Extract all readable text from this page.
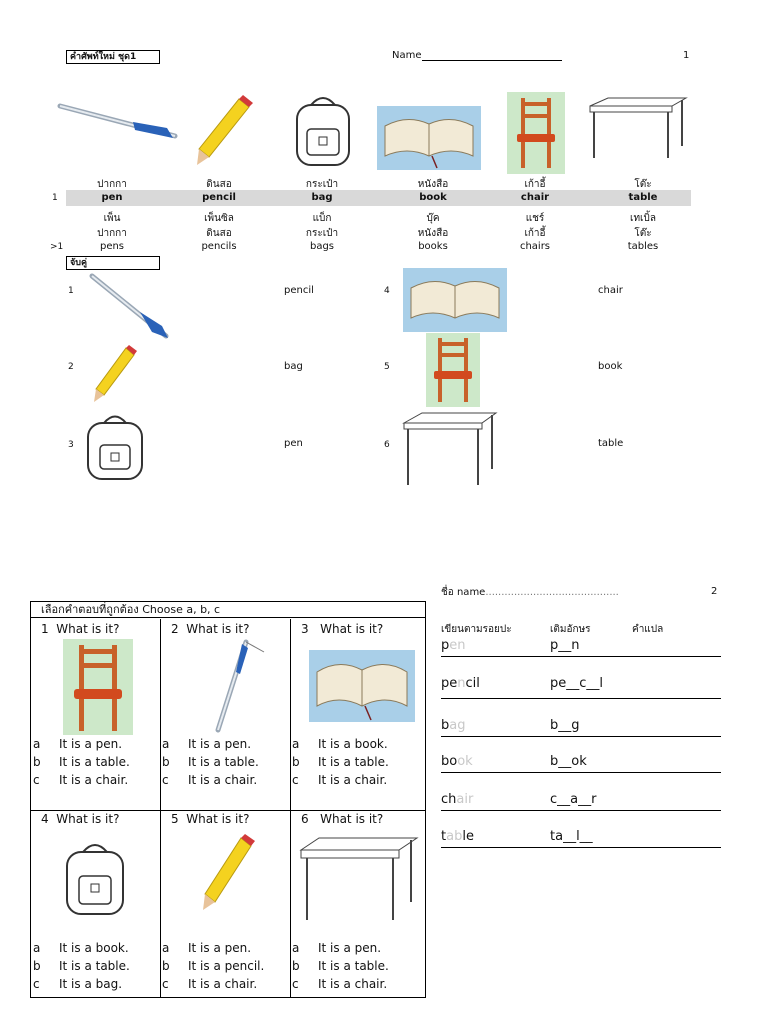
คำศัพท์ใหม่ ชุด1	Name	1
1
>1
ปากกา	ดินสอ	กระเป๋า	หนังสือ	เก้าอี้	โต๊ะ
pen	pencil	bag	book	chair	table
เพ็น	เพ็นซิล	แบ็ก	บุ๊ค	แชร์	เทเบิ้ล
ปากกา	ดินสอ	กระเป๋า	หนังสือ	เก้าอี้	โต๊ะ
pens	pencils	bags	books	chairs	tables
จับคู่
1	pencil
2	bag
3	pen
4	chair
5	book
6	table
เลือกคำตอบที่ถูกต้อง Choose a, b, c
1 What is it?
a It is a pen.
b It is a table.
c It is a chair.
2 What is it?
a It is a pen.
b It is a table.
c It is a chair.
3 What is it?
a It is a book.
b It is a table.
c It is a chair.
4 What is it?
a It is a book.
b It is a table.
c It is a bag.
5 What is it?
a It is a pen.
b It is a pencil.
c It is a chair.
6 What is it?
a It is a pen.
b It is a table.
c It is a chair.
ชื่อ name..........................................	2
เขียนตามรอยปะ	เติมอักษร	คำแปล
pen	p__n
pencil	pe__c__l
bag	b__g
book	b__ok
chair	c__a__r
table	ta__l__
